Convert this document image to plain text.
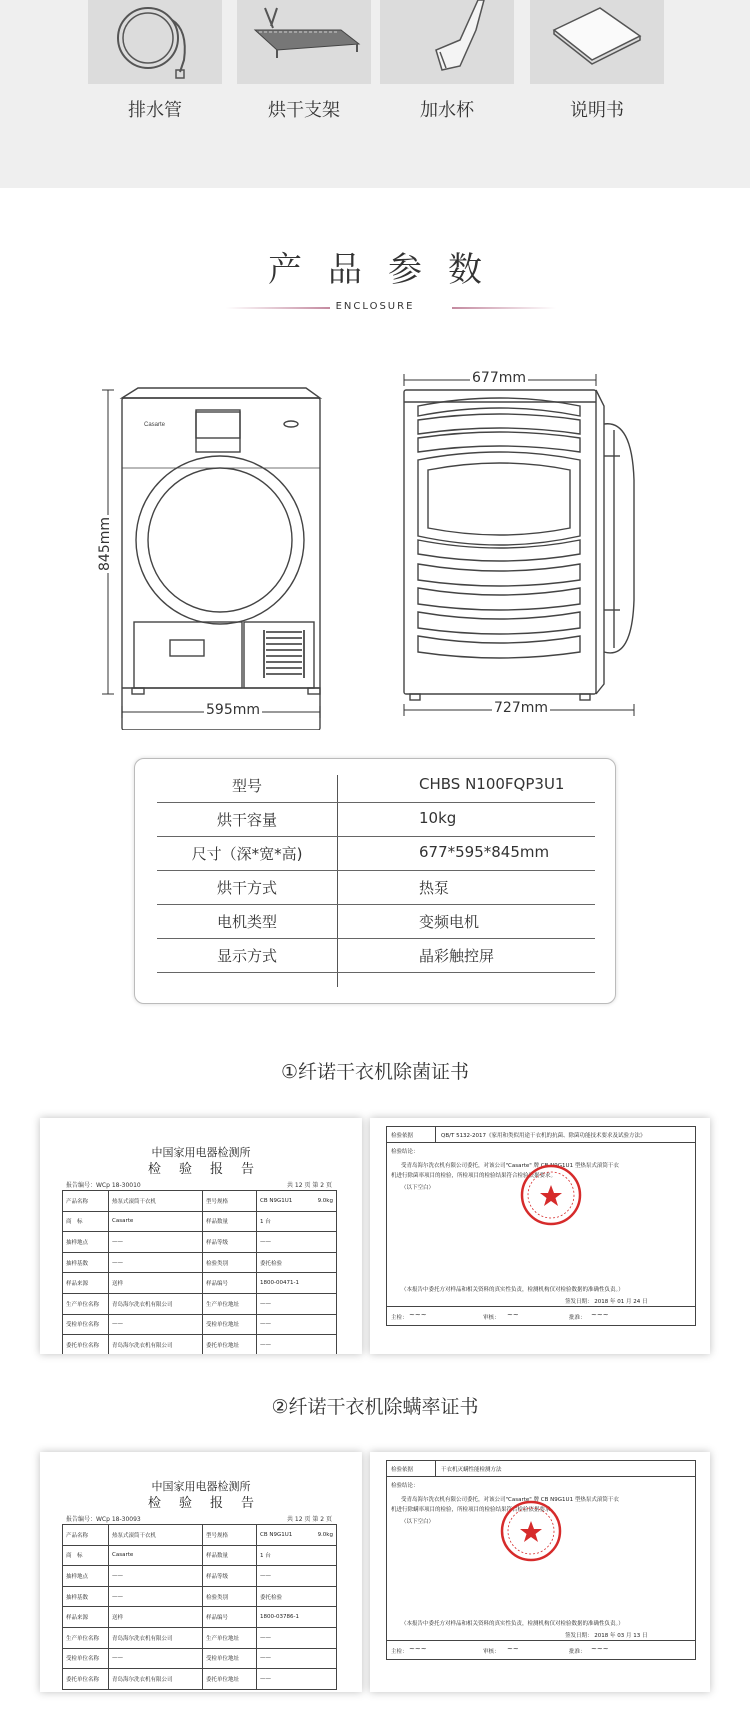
排水管	烘干支架	加水杯	说明书
产品参数
ENCLOSURE
Casarte
677mm
727mm
595mm
845mm
型号	CHBS N100FQP3U1
烘干容量	10kg
尺寸（深*宽*高)	677*595*845mm
烘干方式	热泵
电机类型	变频电机
显示方式	晶彩触控屏
①纤诺干衣机除菌证书
中国家用电器检测所
检验报告
报告编号：WCp 18-30010	共 12 页 第 2 页
产品名称	热泵式滚筒干衣机	型号规格	CB N9G1U1 9.0kg

商　标	Casarte	样品数量	1 台
抽样地点	——	样品等级	——
抽样基数	——	检验类别	委托检验
样品来源	送样	样品编号	1800-00471-1
生产单位名称	青岛海尔洗衣机有限公司	生产单位地址	——
受检单位名称	——	受检单位地址	——
委托单位名称	青岛海尔洗衣机有限公司	委托单位地址	——
检验依据	QB/T 5132-2017《家用和类似用途干衣机的抗菌、除菌功能技术要求及试验方法》
检验结论：
受青岛海尔洗衣机有限公司委托，对该公司"Casarte" 牌 CB N9G1U1 型热泵式滚筒干衣
机进行除菌率项目的检验，所检项目的检验结果符合检验依据要求。
（以下空白）
（本报告中委托方对样品和相关资料的真实性负责，检测机构仅对检验数据的准确性负责。）
签发日期： 2018 年 01 月 24 日
主检： ~~~	审核： ~~	批准： ~~~
②纤诺干衣机除螨率证书
中国家用电器检测所
检验报告
报告编号：WCp 18-30093	共 12 页 第 2 页
产品名称	热泵式滚筒干衣机	型号规格	CB N9G1U1 9.0kg

商　标	Casarte	样品数量	1 台
抽样地点	——	样品等级	——
抽样基数	——	检验类别	委托检验
样品来源	送样	样品编号	1800-03786-1
生产单位名称	青岛海尔洗衣机有限公司	生产单位地址	——
受检单位名称	——	受检单位地址	——
委托单位名称	青岛海尔洗衣机有限公司	委托单位地址	——
检验依据	干衣机灭螨性能检测方法
检验结论：
受青岛海尔洗衣机有限公司委托，对该公司"Casarte" 牌 CB N9G1U1 型热泵式滚筒干衣
机进行除螨率项目的检验，所检项目的检验结果符合检验依据要求。
（以下空白）
（本报告中委托方对样品和相关资料的真实性负责，检测机构仅对检验数据的准确性负责。）
签发日期： 2018 年 03 月 13 日
主检： ~~~	审核： ~~	批准： ~~~
